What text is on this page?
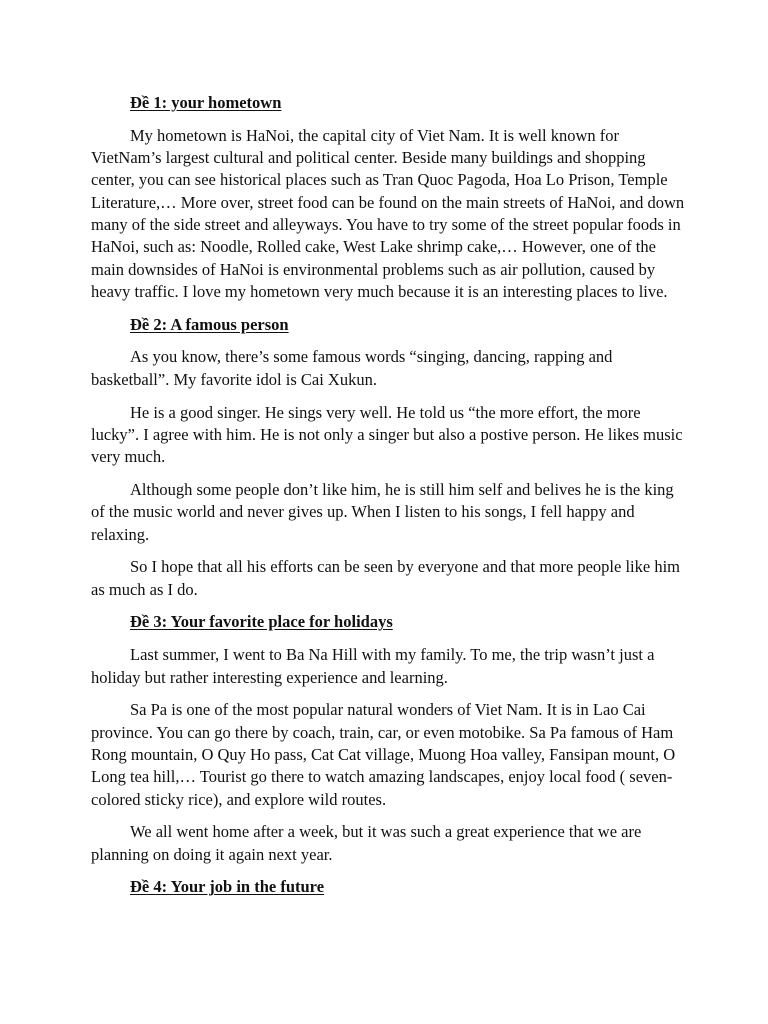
Đề 1: your hometown

My hometown is HaNoi, the capital city of Viet Nam. It is well known for VietNam’s largest cultural and political center. Beside many buildings and shopping center, you can see historical places such as Tran Quoc Pagoda, Hoa Lo Prison, Temple Literature,… More over, street food can be found on the main streets of HaNoi, and down many of the side street and alleyways. You have to try some of the street popular foods in HaNoi, such as: Noodle, Rolled cake, West Lake shrimp cake,… However, one of the main downsides of HaNoi is environmental problems such as air pollution, caused by heavy traffic. I love my hometown very much because it is an interesting places to live.

Đề 2: A famous person

As you know, there’s some famous words “singing, dancing, rapping and basketball”. My favorite idol is Cai Xukun.

He is a good singer. He sings very well. He told us “the more effort, the more lucky”. I agree with him. He is not only a singer but also a postive person. He likes music very much.

Although some people don’t like him, he is still him self and belives he is the king of the music world and never gives up. When I listen to his songs, I fell happy and relaxing.

So I hope that all his efforts can be seen by everyone and that more people like him as much as I do.

Đề 3: Your favorite place for holidays

Last summer, I went to Ba Na Hill with my family. To me, the trip wasn’t just a holiday but rather interesting experience and learning.

Sa Pa is one of the most popular natural wonders of Viet Nam. It is in Lao Cai province. You can go there by coach, train, car, or even motobike. Sa Pa famous of Ham Rong mountain, O Quy Ho pass, Cat Cat village, Muong Hoa valley, Fansipan mount, O Long tea hill,… Tourist go there to watch amazing landscapes, enjoy local food ( seven-colored sticky rice), and explore wild routes.

We all went home after a week, but it was such a great experience that we are planning on doing it again next year.

Đề 4: Your job in the future
